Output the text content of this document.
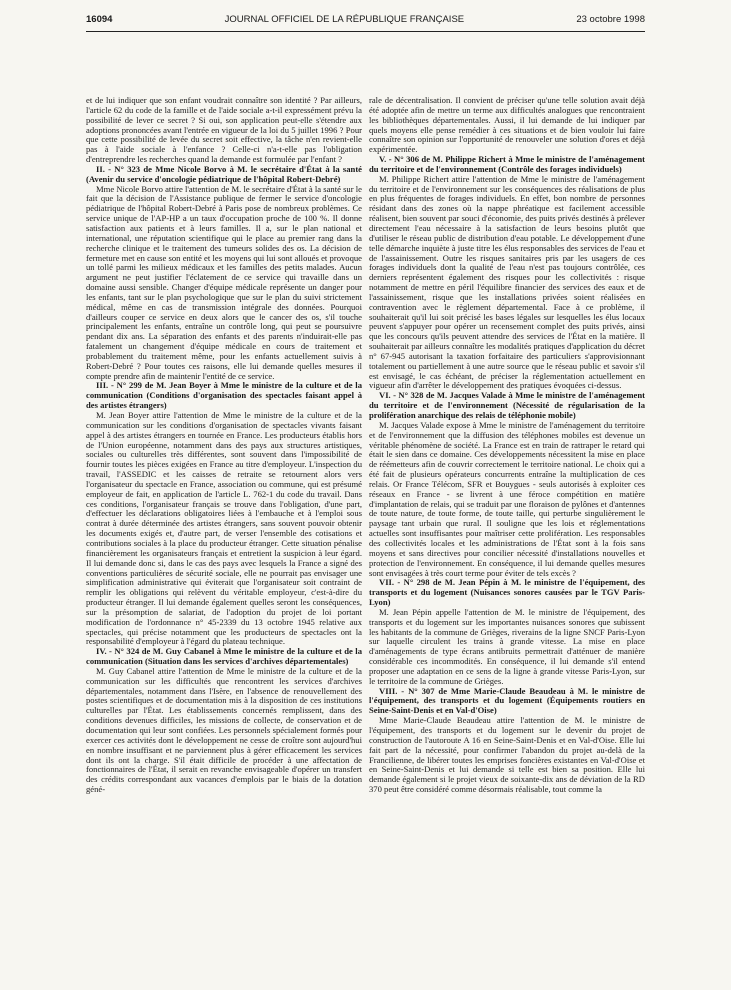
16094	JOURNAL OFFICIEL DE LA RÉPUBLIQUE FRANÇAISE	23 octobre 1998

et de lui indiquer que son enfant voudrait connaître son identité ? Par ailleurs, l'article 62 du code de la famille et de l'aide sociale a-t-il expressément prévu la possibilité de lever ce secret ? Si oui, son application peut-elle s'étendre aux adoptions prononcées avant l'entrée en vigueur de la loi du 5 juillet 1996 ? Pour que cette possibilité de levée du secret soit effective, la tâche n'en revient-elle pas à l'aide sociale à l'enfance ? Celle-ci n'a-t-elle pas l'obligation d'entreprendre les recherches quand la demande est formulée par l'enfant ?

II. - N° 323 de Mme Nicole Borvo à M. le secrétaire d'État à la santé (Avenir du service d'oncologie pédiatrique de l'hôpital Robert-Debré)

Mme Nicole Borvo attire l'attention de M. le secrétaire d'État à la santé sur le fait que la décision de l'Assistance publique de fermer le service d'oncologie pédiatrique de l'hôpital Robert-Debré à Paris pose de nombreux problèmes. Ce service unique de l'AP-HP a un taux d'occupation proche de 100 %. Il donne satisfaction aux patients et à leurs familles. Il a, sur le plan national et international, une réputation scientifique qui le place au premier rang dans la recherche clinique et le traitement des tumeurs solides des os. La décision de fermeture met en cause son entité et les moyens qui lui sont alloués et provoque un tollé parmi les milieux médicaux et les familles des petits malades. Aucun argument ne peut justifier l'éclatement de ce service qui travaille dans un domaine aussi sensible. Changer d'équipe médicale représente un danger pour les enfants, tant sur le plan psychologique que sur le plan du suivi strictement médical, même en cas de transmission intégrale des données. Pourquoi d'ailleurs couper ce service en deux alors que le cancer des os, s'il touche principalement les enfants, entraîne un contrôle long, qui peut se poursuivre pendant dix ans. La séparation des enfants et des parents n'induirait-elle pas fatalement un changement d'équipe médicale en cours de traitement et probablement du traitement même, pour les enfants actuellement suivis à Robert-Debré ? Pour toutes ces raisons, elle lui demande quelles mesures il compte prendre afin de maintenir l'entité de ce service.

III. - N° 299 de M. Jean Boyer à Mme le ministre de la culture et de la communication (Conditions d'organisation des spectacles faisant appel à des artistes étrangers)

M. Jean Boyer attire l'attention de Mme le ministre de la culture et de la communication sur les conditions d'organisation de spectacles vivants faisant appel à des artistes étrangers en tournée en France. Les producteurs établis hors de l'Union européenne, notamment dans des pays aux structures artistiques, sociales ou culturelles très différentes, sont souvent dans l'impossibilité de fournir toutes les pièces exigées en France au titre d'employeur. L'inspection du travail, l'ASSEDIC et les caisses de retraite se retournent alors vers l'organisateur du spectacle en France, association ou commune, qui est présumé employeur de fait, en application de l'article L. 762-1 du code du travail. Dans ces conditions, l'organisateur français se trouve dans l'obligation, d'une part, d'effectuer les déclarations obligatoires liées à l'embauche et à l'emploi sous contrat à durée déterminée des artistes étrangers, sans souvent pouvoir obtenir les documents exigés et, d'autre part, de verser l'ensemble des cotisations et contributions sociales à la place du producteur étranger. Cette situation pénalise financièrement les organisateurs français et entretient la suspicion à leur égard. Il lui demande donc si, dans le cas des pays avec lesquels la France a signé des conventions particulières de sécurité sociale, elle ne pourrait pas envisager une simplification administrative qui éviterait que l'organisateur soit contraint de remplir les obligations qui relèvent du véritable employeur, c'est-à-dire du producteur étranger. Il lui demande également quelles seront les conséquences, sur la présomption de salariat, de l'adoption du projet de loi portant modification de l'ordonnance n° 45-2339 du 13 octobre 1945 relative aux spectacles, qui précise notamment que les producteurs de spectacles ont la responsabilité d'employeur à l'égard du plateau technique.

IV. - N° 324 de M. Guy Cabanel à Mme le ministre de la culture et de la communication (Situation dans les services d'archives départementales)

M. Guy Cabanel attire l'attention de Mme le ministre de la culture et de la communication sur les difficultés que rencontrent les services d'archives départementales, notamment dans l'Isère, en l'absence de renouvellement des postes scientifiques et de documentation mis à la disposition de ces institutions culturelles par l'État. Les établissements concernés remplissent, dans des conditions devenues difficiles, les missions de collecte, de conservation et de documentation qui leur sont confiées. Les personnels spécialement formés pour exercer ces activités dont le développement ne cesse de croître sont aujourd'hui en nombre insuffisant et ne parviennent plus à gérer efficacement les services dont ils ont la charge. S'il était difficile de procéder à une affectation de fonctionnaires de l'État, il serait en revanche envisageable d'opérer un transfert des crédits correspondant aux vacances d'emplois par le biais de la dotation géné-

rale de décentralisation. Il convient de préciser qu'une telle solution avait déjà été adoptée afin de mettre un terme aux difficultés analogues que rencontraient les bibliothèques départementales. Aussi, il lui demande de lui indiquer par quels moyens elle pense remédier à ces situations et de bien vouloir lui faire connaître son opinion sur l'opportunité de renouveler une solution d'ores et déjà expérimentée.

V. - N° 306 de M. Philippe Richert à Mme le ministre de l'aménagement du territoire et de l'environnement (Contrôle des forages individuels)

M. Philippe Richert attire l'attention de Mme le ministre de l'aménagement du territoire et de l'environnement sur les conséquences des réalisations de plus en plus fréquentes de forages individuels. En effet, bon nombre de personnes résidant dans des zones où la nappe phréatique est facilement accessible réalisent, bien souvent par souci d'économie, des puits privés destinés à prélever directement l'eau nécessaire à la satisfaction de leurs besoins plutôt que d'utiliser le réseau public de distribution d'eau potable. Le développement d'une telle démarche inquiète à juste titre les élus responsables des services de l'eau et de l'assainissement. Outre les risques sanitaires pris par les usagers de ces forages individuels dont la qualité de l'eau n'est pas toujours contrôlée, ces derniers représentent également des risques pour les collectivités : risque notamment de mettre en péril l'équilibre financier des services des eaux et de l'assainissement, risque que les installations privées soient réalisées en contravention avec le règlement départemental. Face à ce problème, il souhaiterait qu'il lui soit précisé les bases légales sur lesquelles les élus locaux peuvent s'appuyer pour opérer un recensement complet des puits privés, ainsi que les concours qu'ils peuvent attendre des services de l'État en la matière. Il souhaiterait par ailleurs connaître les modalités pratiques d'application du décret n° 67-945 autorisant la taxation forfaitaire des particuliers s'approvisionnant totalement ou partiellement à une autre source que le réseau public et savoir s'il est envisagé, le cas échéant, de préciser la réglementation actuellement en vigueur afin d'arrêter le développement des pratiques évoquées ci-dessus.

VI. - N° 328 de M. Jacques Valade à Mme le ministre de l'aménagement du territoire et de l'environnement (Nécessité de régularisation de la prolifération anarchique des relais de téléphonie mobile)

M. Jacques Valade expose à Mme le ministre de l'aménagement du territoire et de l'environnement que la diffusion des téléphones mobiles est devenue un véritable phénomène de société. La France est en train de rattraper le retard qui était le sien dans ce domaine. Ces développements nécessitent la mise en place de réémetteurs afin de couvrir correctement le territoire national. Le choix qui a été fait de plusieurs opérateurs concurrents entraîne la multiplication de ces relais. Or France Télécom, SFR et Bouygues - seuls autorisés à exploiter ces réseaux en France - se livrent à une féroce compétition en matière d'implantation de relais, qui se traduit par une floraison de pylônes et d'antennes de toute nature, de toute forme, de toute taille, qui perturbe singulièrement le paysage tant urbain que rural. Il souligne que les lois et réglementations actuelles sont insuffisantes pour maîtriser cette prolifération. Les responsables des collectivités locales et les administrations de l'État sont à la fois sans moyens et sans directives pour concilier nécessité d'installations nouvelles et protection de l'environnement. En conséquence, il lui demande quelles mesures sont envisagées à très court terme pour éviter de tels excès ?

VII. - N° 298 de M. Jean Pépin à M. le ministre de l'équipement, des transports et du logement (Nuisances sonores causées par le TGV Paris-Lyon)

M. Jean Pépin appelle l'attention de M. le ministre de l'équipement, des transports et du logement sur les importantes nuisances sonores que subissent les habitants de la commune de Grièges, riverains de la ligne SNCF Paris-Lyon sur laquelle circulent les trains à grande vitesse. La mise en place d'aménagements de type écrans antibruits permettrait d'atténuer de manière considérable ces incommodités. En conséquence, il lui demande s'il entend proposer une adaptation en ce sens de la ligne à grande vitesse Paris-Lyon, sur le territoire de la commune de Grièges.

VIII. - N° 307 de Mme Marie-Claude Beaudeau à M. le ministre de l'équipement, des transports et du logement (Équipements routiers en Seine-Saint-Denis et en Val-d'Oise)

Mme Marie-Claude Beaudeau attire l'attention de M. le ministre de l'équipement, des transports et du logement sur le devenir du projet de construction de l'autoroute A 16 en Seine-Saint-Denis et en Val-d'Oise. Elle lui fait part de la nécessité, pour confirmer l'abandon du projet au-delà de la Francilienne, de libérer toutes les emprises foncières existantes en Val-d'Oise et en Seine-Saint-Denis et lui demande si telle est bien sa position. Elle lui demande également si le projet vieux de soixante-dix ans de déviation de la RD 370 peut être considéré comme désormais réalisable, tout comme la
